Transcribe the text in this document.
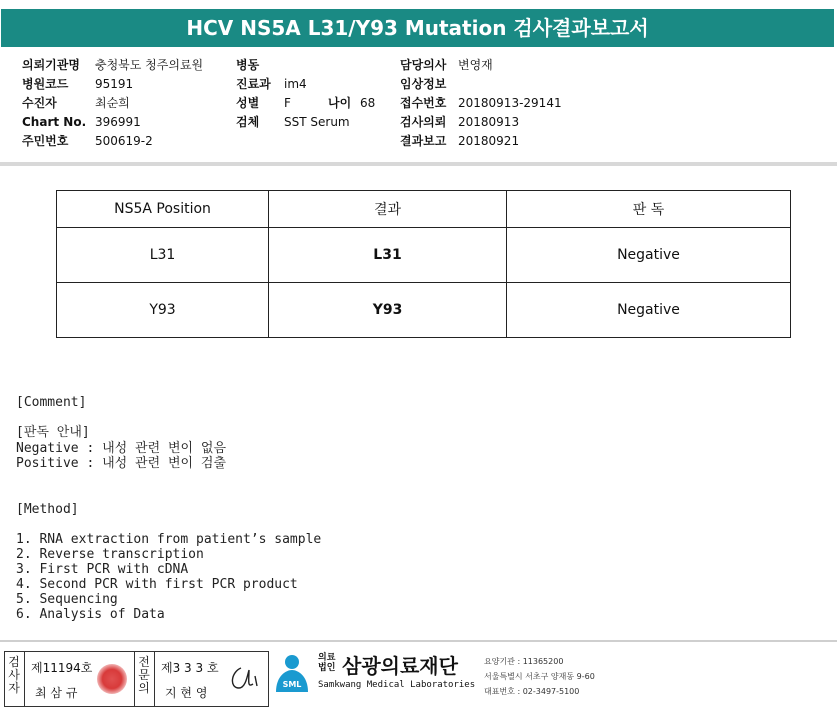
HCV NS5A L31/Y93 Mutation 검사결과보고서
의뢰기관명 충청북도 청주의료원
병원코드 95191
수진자	최순희
Chart No. 396991
주민번호 500619-2
병동
진료과 im4
성별 F	나이 68
검체 SST Serum
담당의사 변영재
임상정보
접수번호 20180913-29141
검사의뢰 20180913
결과보고 20180921
NS5A Position	결과	판 독
L31	L31	Negative
Y93	Y93	Negative
[Comment]
[판독 안내]
Negative : 내성 관련 변이 없음
Positive : 내성 관련 변이 검출
[Method]
1. RNA extraction from patient’s sample
2. Reverse transcription
3. First PCR with cDNA
4. Second PCR with first PCR product
5. Sequencing
6. Analysis of Data
검사자
제11194호
최 삼 규
전문의
제3 3 3 호
지 현 영
SML
의료
법인 삼광의료재단
Samkwang Medical Laboratories
요양기관 : 11365200
서울특별시 서초구 양재동 9-60
대표번호 : 02-3497-5100
